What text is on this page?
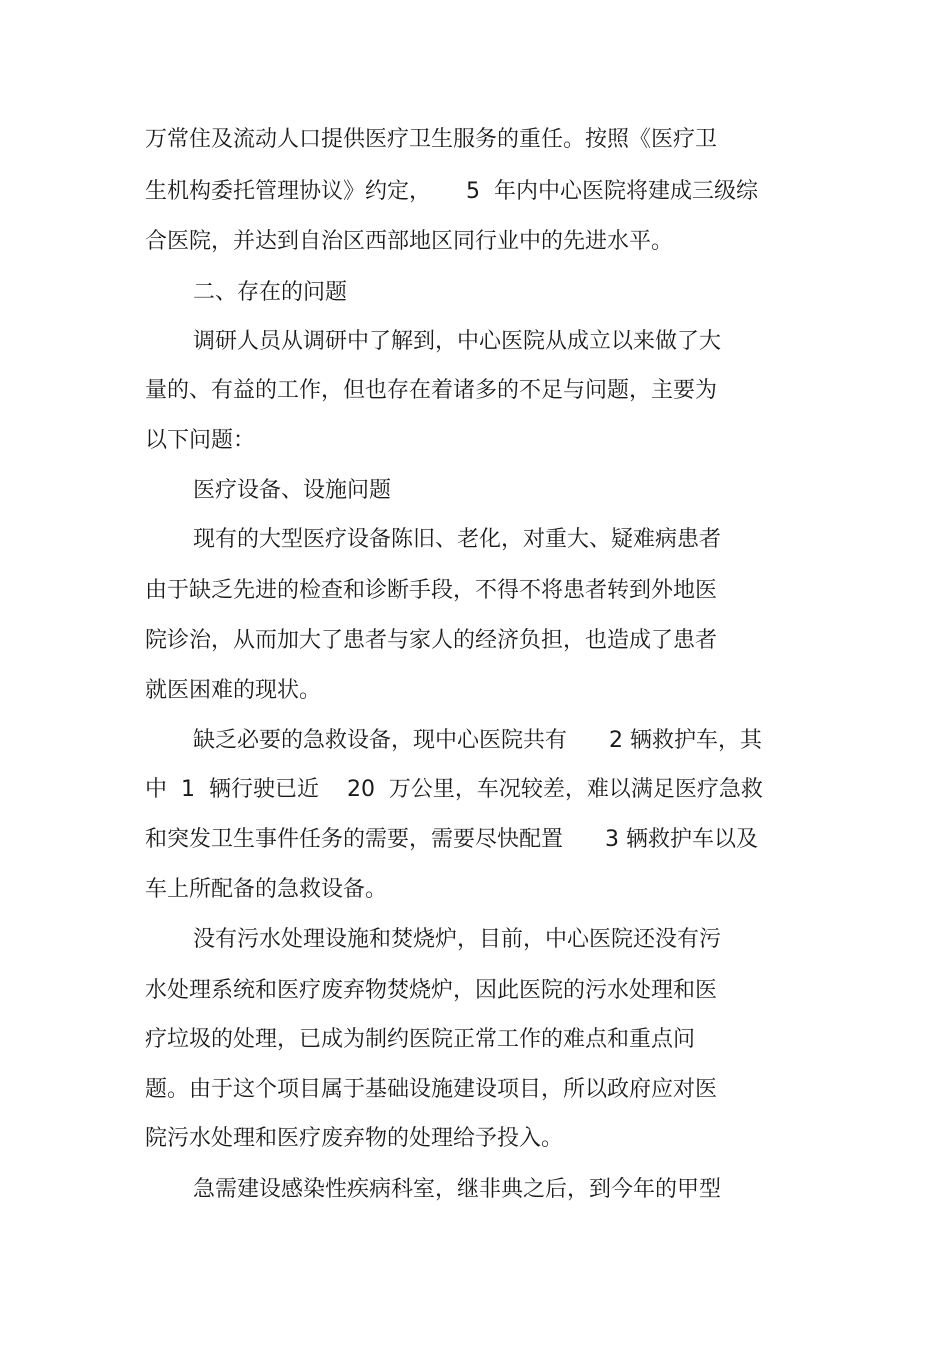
万常住及流动人口提供医疗卫生服务的重任。按照《医疗卫
生机构委托管理协议》约定，     5  年内中心医院将建成三级综
合医院，并达到自治区西部地区同行业中的先进水平。
二、存在的问题
调研人员从调研中了解到，中心医院从成立以来做了大
量的、有益的工作，但也存在着诸多的不足与问题，主要为
以下问题：
医疗设备、设施问题
现有的大型医疗设备陈旧、老化，对重大、疑难病患者
由于缺乏先进的检查和诊断手段，不得不将患者转到外地医
院诊治，从而加大了患者与家人的经济负担，也造成了患者
就医困难的现状。
缺乏必要的急救设备，现中心医院共有      2 辆救护车，其
中  1  辆行驶已近    20  万公里，车况较差，难以满足医疗急救
和突发卫生事件任务的需要，需要尽快配置      3 辆救护车以及
车上所配备的急救设备。
没有污水处理设施和焚烧炉，目前，中心医院还没有污
水处理系统和医疗废弃物焚烧炉，因此医院的污水处理和医
疗垃圾的处理，已成为制约医院正常工作的难点和重点问
题。由于这个项目属于基础设施建设项目，所以政府应对医
院污水处理和医疗废弃物的处理给予投入。
急需建设感染性疾病科室，继非典之后，到今年的甲型
